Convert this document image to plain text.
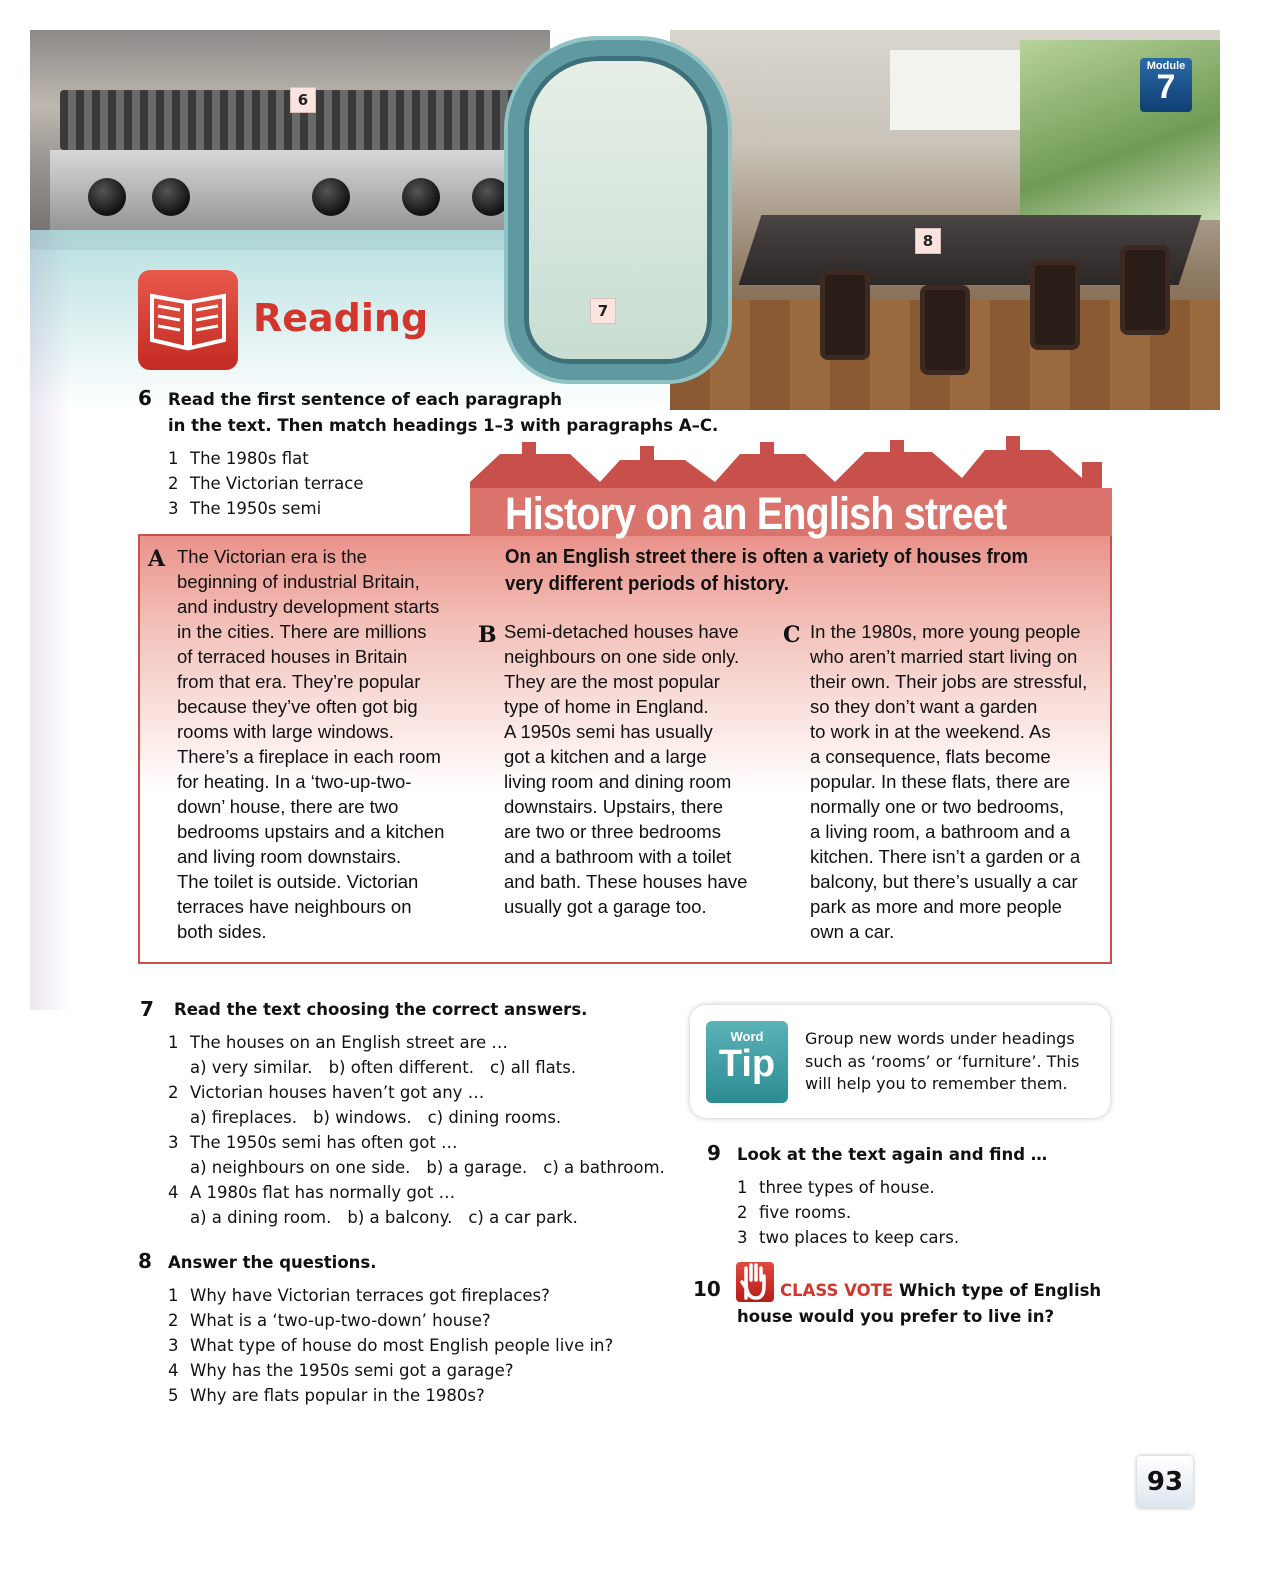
6
7
8
Module
7
Reading
6 Read the first sentence of each paragraph
in the text. Then match headings 1–3 with paragraphs A–C.
1 The 1980s flat
2 The Victorian terrace
3 The 1950s semi	History on an English street
On an English street there is often a variety of houses from
very different periods of history.
A The Victorian era is the
beginning of industrial Britain,
and industry development starts
in the cities. There are millions
of terraced houses in Britain
from that era. They’re popular
because they’ve often got big
rooms with large windows.
There’s a fireplace in each room
for heating. In a ‘two-up-two-
down’ house, there are two
bedrooms upstairs and a kitchen
and living room downstairs.
The toilet is outside. Victorian
terraces have neighbours on
both sides.
B Semi-detached houses have
neighbours on one side only.
They are the most popular
type of home in England.
A 1950s semi has usually
got a kitchen and a large
living room and dining room
downstairs. Upstairs, there
are two or three bedrooms
and a bathroom with a toilet
and bath. These houses have
usually got a garage too.
C In the 1980s, more young people
who aren’t married start living on
their own. Their jobs are stressful,
so they don’t want a garden
to work in at the weekend. As
a consequence, flats become
popular. In these flats, there are
normally one or two bedrooms,
a living room, a bathroom and a
kitchen. There isn’t a garden or a
balcony, but there’s usually a car
park as more and more people
own a car.
7 Read the text choosing the correct answers.
1 The houses on an English street are …
a) very similar. b) often different. c) all flats.
2 Victorian houses haven’t got any …
a) fireplaces. b) windows. c) dining rooms.
3 The 1950s semi has often got …
a) neighbours on one side. b) a garage. c) a bathroom.
4 A 1980s flat has normally got …
a) a dining room. b) a balcony. c) a car park.
8 Answer the questions.
1 Why have Victorian terraces got fireplaces?
2 What is a ‘two-up-two-down’ house?
3 What type of house do most English people live in?
4 Why has the 1950s semi got a garage?
5 Why are flats popular in the 1980s?
Word
Tip
Group new words under headings
such as ‘rooms’ or ‘furniture’. This
will help you to remember them.
9 Look at the text again and find …
1 three types of house.
2 five rooms.
3 two places to keep cars.
10	CLASS VOTE Which type of English
house would you prefer to live in?
93
